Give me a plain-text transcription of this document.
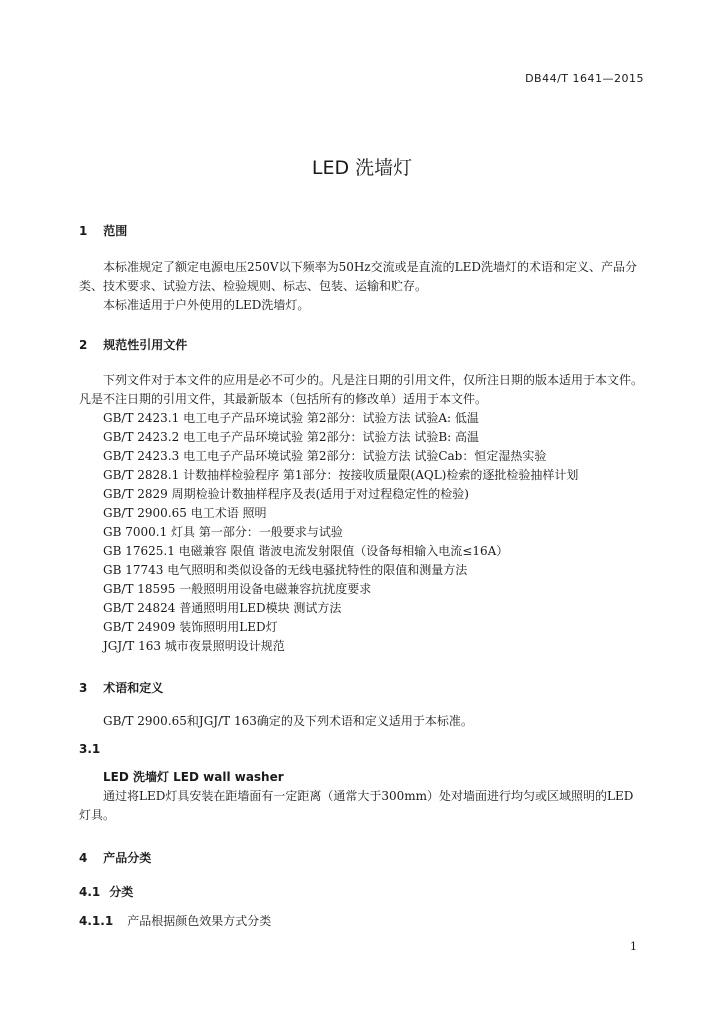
DB44/T 1641—2015
LED 洗墙灯
1 范围

本标准规定了额定电源电压250V以下频率为50Hz交流或是直流的LED洗墙灯的术语和定义、产品分类、技术要求、试验方法、检验规则、标志、包装、运输和贮存。

本标准适用于户外使用的LED洗墙灯。

2 规范性引用文件

下列文件对于本文件的应用是必不可少的。凡是注日期的引用文件，仅所注日期的版本适用于本文件。凡是不注日期的引用文件，其最新版本（包括所有的修改单）适用于本文件。

GB/T 2423.1 电工电子产品环境试验 第2部分：试验方法 试验A: 低温

GB/T 2423.2 电工电子产品环境试验 第2部分：试验方法 试验B: 高温

GB/T 2423.3 电工电子产品环境试验 第2部分：试验方法 试验Cab：恒定湿热实验

GB/T 2828.1 计数抽样检验程序 第1部分：按接收质量限(AQL)检索的逐批检验抽样计划

GB/T 2829 周期检验计数抽样程序及表(适用于对过程稳定性的检验)

GB/T 2900.65 电工术语 照明

GB 7000.1 灯具 第一部分：一般要求与试验

GB 17625.1 电磁兼容 限值 谐波电流发射限值（设备每相输入电流≤16A）

GB 17743 电气照明和类似设备的无线电骚扰特性的限值和测量方法

GB/T 18595 一般照明用设备电磁兼容抗扰度要求

GB/T 24824 普通照明用LED模块 测试方法

GB/T 24909 装饰照明用LED灯

JGJ/T 163 城市夜景照明设计规范

3 术语和定义

GB/T 2900.65和JGJ/T 163确定的及下列术语和定义适用于本标准。

3.1

LED 洗墙灯 LED wall washer

通过将LED灯具安装在距墙面有一定距离（通常大于300mm）处对墙面进行均匀或区域照明的LED灯具。

4 产品分类
4.1 分类
4.1.1 产品根据颜色效果方式分类
1
